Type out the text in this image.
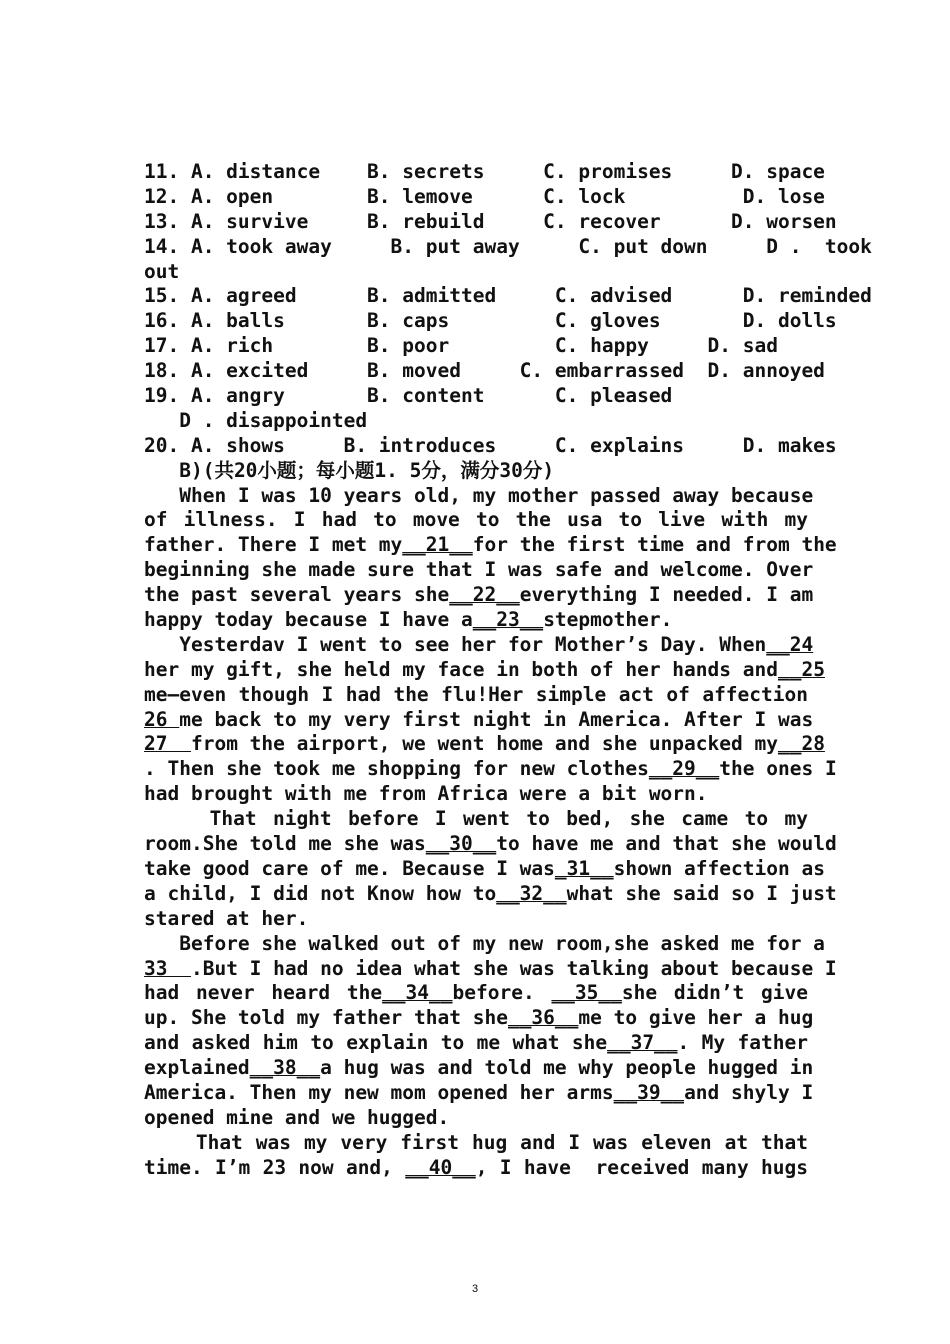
11. A. distance    B. secrets     C. promises     D. space
12. A. open        B. lemove      C. lock          D. lose
13. A. survive     B. rebuild     C. recover      D. worsen
14. A. took away     B. put away     C. put down     D .  took
out
15. A. agreed      B. admitted     C. advised      D. reminded
16. A. balls       B. caps         C. gloves       D. dolls
17. A. rich        B. poor         C. happy     D. sad
18. A. excited     B. moved     C. embarrassed  D. annoyed
19. A. angry       B. content      C. pleased
D . disappointed
20. A. shows     B. introduces     C. explains     D. makes
B)(共20小题；每小题1. 5分，满分30分)
When I was 10 years old, my mother passed away because
of illness. I had to move to the usa to live with my
father. There I met my__21__for the first time and from the
beginning she made sure that I was safe and welcome. Over
the past several years she__22__everything I needed. I am
happy today because I have a__23__stepmother.
Yesterdav I went to see her for Mother’s Day. When__24
her my gift, she held my face in both of her hands and__25
me—even though I had the flu!Her simple act of affection
26 me back to my very first night in America. After I was
27  from the airport, we went home and she unpacked my__28
. Then she took me shopping for new clothes__29__the ones I
had brought with me from Africa were a bit worn.
That night before I went to bed, she came to my
room.She told me she was__30__to have me and that she would
take good care of me. Because I was_31__shown affection as
a child, I did not Know how to__32__what she said so I just
stared at her.
Before she walked out of my new room,she asked me for a
33  .But I had no idea what she was talking about because I
had never heard the__34__before. __35__she didn’t give
up. She told my father that she__36__me to give her a hug
and asked him to explain to me what she__37__. My father
explained__38__a hug was and told me why people hugged in
America. Then my new mom opened her arms__39__and shyly I
opened mine and we hugged.
That was my very first hug and I was eleven at that
time. I’m 23 now and, __40__, I have  received many hugs
3
